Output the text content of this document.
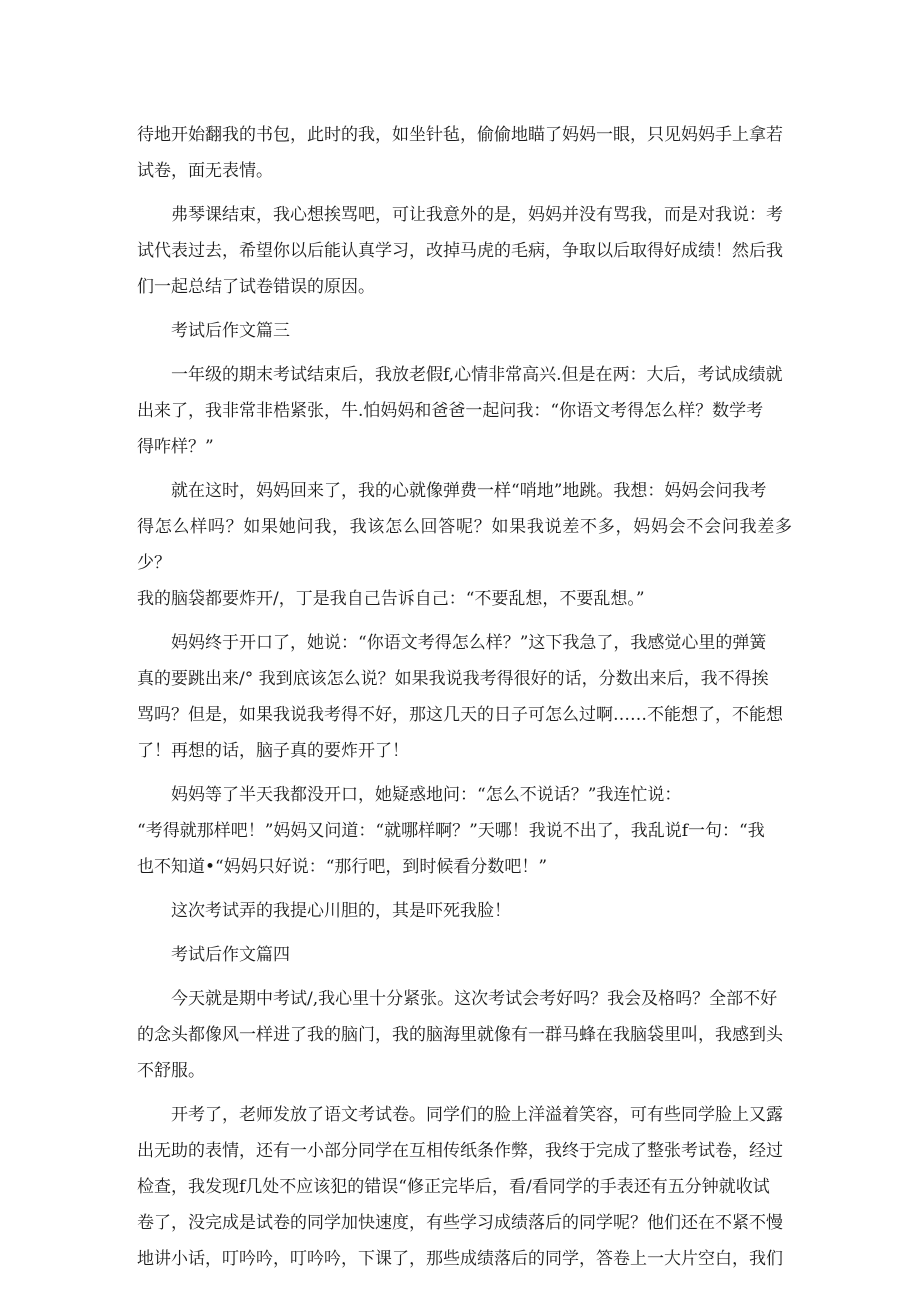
待地开始翻我的书包，此时的我，如坐针毡，偷偷地瞄了妈妈一眼，只见妈妈手上拿若

试卷，面无表情。

弗琴课结束，我心想挨骂吧，可让我意外的是，妈妈并没有骂我，而是对我说：考

试代表过去，希望你以后能认真学习，改掉马虎的毛病，争取以后取得好成绩！然后我

们一起总结了试卷错误的原因。

考试后作文篇三

一年级的期末考试结束后，我放老假f,心情非常高兴.但是在两：大后，考试成绩就

出来了，我非常非梏紧张，牛.怕妈妈和爸爸一起问我：“你语文考得怎么样？数学考

得咋样？”

就在这时，妈妈回来了，我的心就像弹费一样“哨地”地跳。我想：妈妈会问我考

得怎么样吗？如果她问我，我该怎么回答呢？如果我说差不多，妈妈会不会问我差多少？

我的脑袋都要炸开/，丁是我自己告诉自己：“不要乱想，不要乱想。”

妈妈终于开口了，她说：“你语文考得怎么样？”这下我急了，我感觉心里的弹簧

真的要跳出来/° 我到底该怎么说？如果我说我考得很好的话，分数出来后，我不得挨

骂吗？但是，如果我说我考得不好，那这几天的日子可怎么过啊……不能想了，不能想

了！再想的话，脑子真的要炸开了！

妈妈等了半天我都没开口，她疑惑地问：“怎么不说话？”我连忙说：

“考得就那样吧！”妈妈又问道：“就哪样啊？”天哪！我说不出了，我乱说f一句：“我

也不知道•“妈妈只好说：“那行吧，到时候看分数吧！”

这次考试弄的我提心川胆的，其是吓死我脸！

考试后作文篇四

今天就是期中考试/,我心里十分紧张。这次考试会考好吗？我会及格吗？全部不好

的念头都像风一样进了我的脑门，我的脑海里就像有一群马蜂在我脑袋里叫，我感到头

不舒服。

开考了，老师发放了语文考试卷。同学们的脸上洋溢着笑容，可有些同学脸上又露

出无助的表情，还有一小部分同学在互相传纸条作弊，我终于完成了整张考试卷，经过

检查，我发现f几处不应该犯的错误“修正完毕后，看/看同学的手表还有五分钟就收试

卷了，没完成是试卷的同学加快速度，有些学习成绩落后的同学呢？他们还在不紧不慢

地讲小话，叮吟吟，叮吟吟，下课了，那些成绩落后的同学，答卷上一大片空白，我们
